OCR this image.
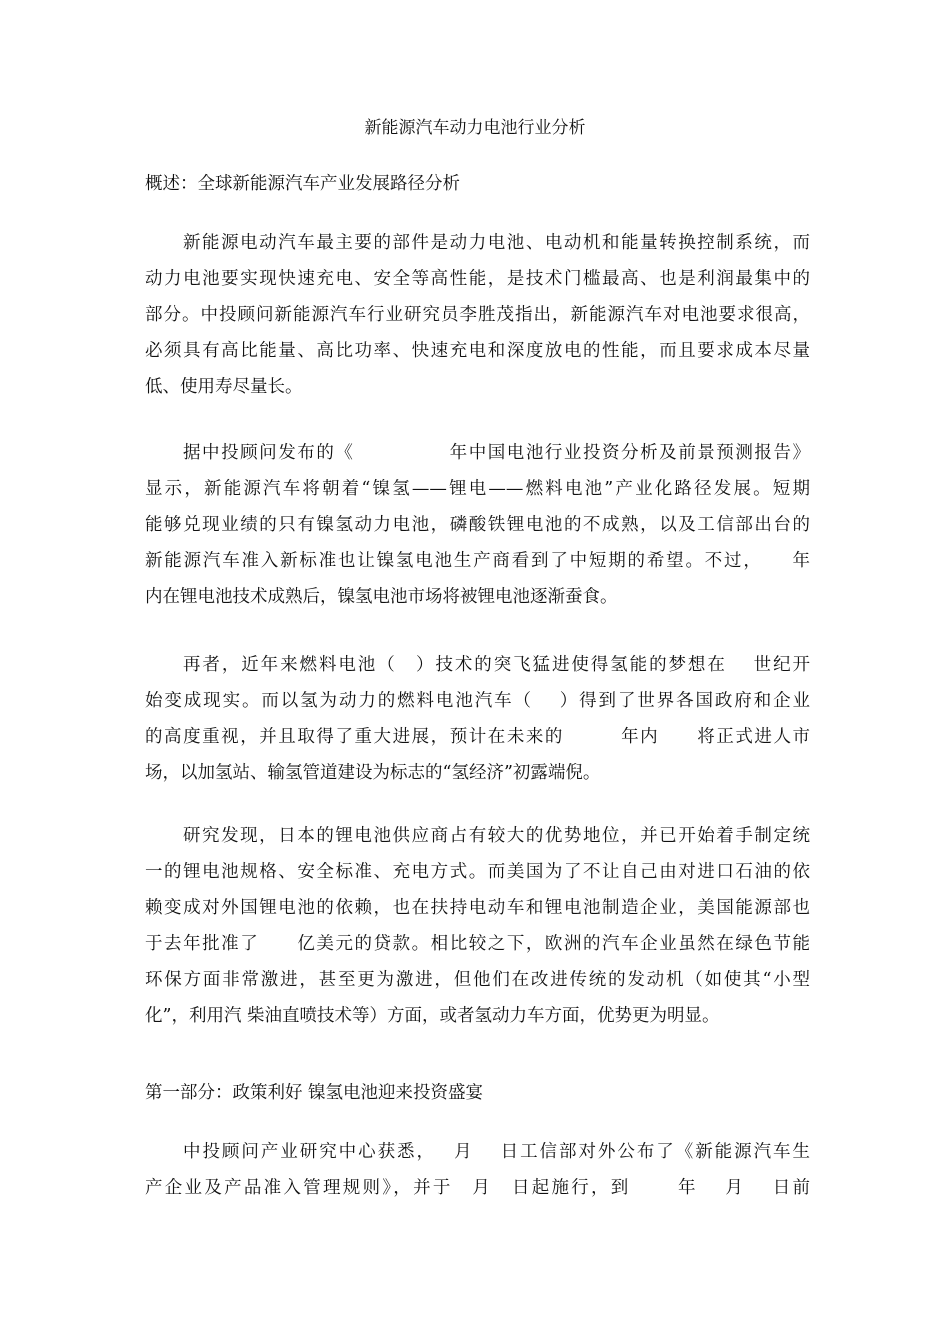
新能源汽车动力电池行业分析
概述：全球新能源汽车产业发展路径分析
新能源电动汽车最主要的部件是动力电池、电动机和能量转换控制系统，而
动力电池要实现快速充电、安全等高性能，是技术门槛最高、也是利润最集中的
部分。中投顾问新能源汽车行业研究员李胜茂指出，新能源汽车对电池要求很高，
必须具有高比能量、高比功率、快速充电和深度放电的性能，而且要求成本尽量
低、使用寿尽量长。
据中投顾问发布的《　　　　　年中国电池行业投资分析及前景预测报告》
显示，新能源汽车将朝着“镍氢——锂电——燃料电池”产业化路径发展。短期
能够兑现业绩的只有镍氢动力电池，磷酸铁锂电池的不成熟，以及工信部出台的
新能源汽车准入新标准也让镍氢电池生产商看到了中短期的希望。不过，　　年
内在锂电池技术成熟后，镍氢电池市场将被锂电池逐渐蚕食。
再者，近年来燃料电池（　）技术的突飞猛进使得氢能的梦想在　 世纪开
始变成现实。而以氢为动力的燃料电池汽车（　 ）得到了世界各国政府和企业
的高度重视，并且取得了重大进展，预计在未来的　　　年内　　将正式进人市
场，以加氢站、输氢管道建设为标志的“氢经济”初露端倪。
研究发现，日本的锂电池供应商占有较大的优势地位，并已开始着手制定统
一的锂电池规格、安全标准、充电方式。而美国为了不让自己由对进口石油的依
赖变成对外国锂电池的依赖，也在扶持电动车和锂电池制造企业，美国能源部也
于去年批准了　　亿美元的贷款。相比较之下，欧洲的汽车企业虽然在绿色节能
环保方面非常激进，甚至更为激进，但他们在改进传统的发动机（如使其“小型
化”，利用汽 柴油直喷技术等）方面，或者氢动力车方面，优势更为明显。
第一部分：政策利好 镍氢电池迎来投资盛宴
中投顾问产业研究中心获悉，　 月　 日工信部对外公布了《新能源汽车生
产企业及产品准入管理规则》，并于　月　日起施行，到　　 年　 月　 日前
